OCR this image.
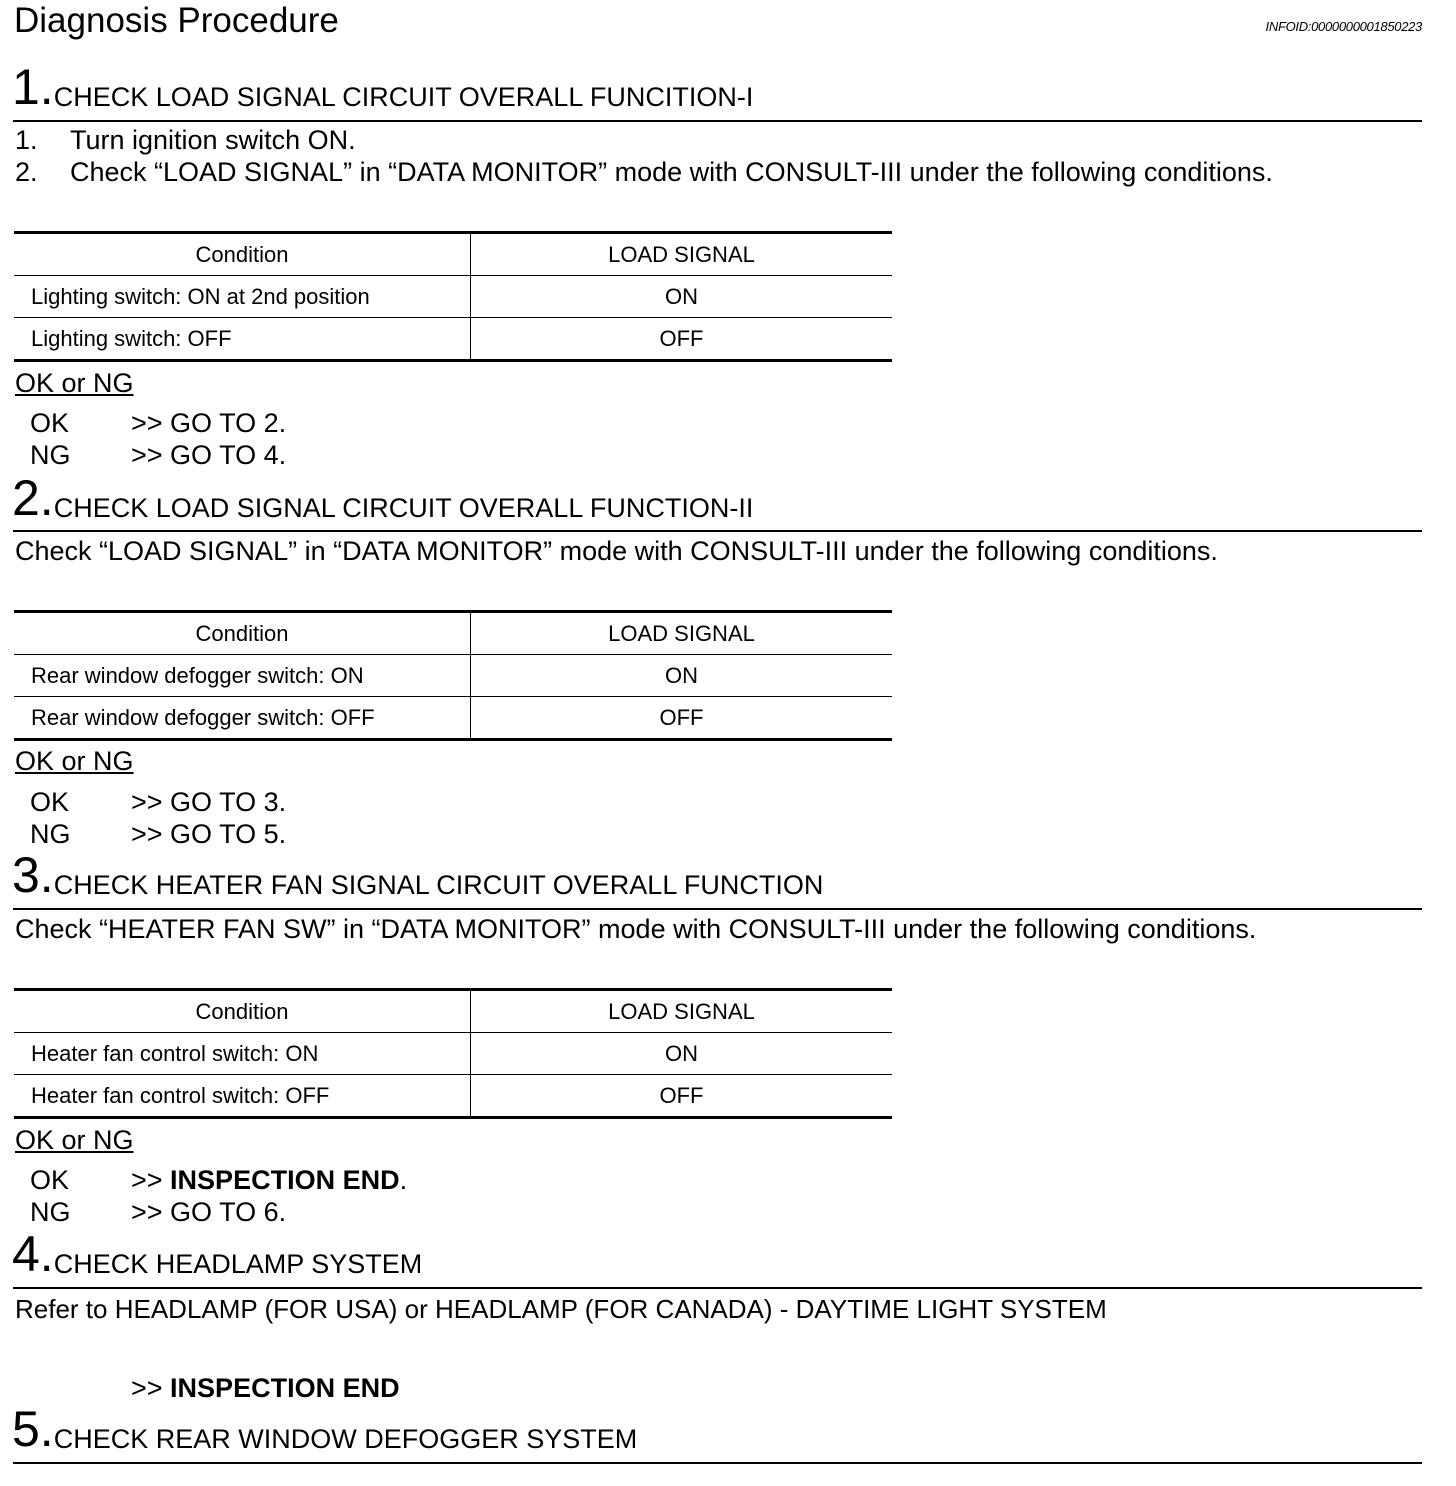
Diagnosis Procedure	INFOID:0000000001850223
1.CHECK LOAD SIGNAL CIRCUIT OVERALL FUNCITION-I
1. Turn ignition switch ON.
2. Check “LOAD SIGNAL” in “DATA MONITOR” mode with CONSULT-III under the following conditions.
Condition	LOAD SIGNAL
Lighting switch: ON at 2nd position	ON
Lighting switch: OFF	OFF
OK or NG
OK >> GO TO 2.
NG >> GO TO 4.
2.CHECK LOAD SIGNAL CIRCUIT OVERALL FUNCTION-II
Check “LOAD SIGNAL” in “DATA MONITOR” mode with CONSULT-III under the following conditions.
Condition	LOAD SIGNAL
Rear window defogger switch: ON	ON
Rear window defogger switch: OFF	OFF
OK or NG
OK >> GO TO 3.
NG >> GO TO 5.
3.CHECK HEATER FAN SIGNAL CIRCUIT OVERALL FUNCTION
Check “HEATER FAN SW” in “DATA MONITOR” mode with CONSULT-III under the following conditions.
Condition	LOAD SIGNAL
Heater fan control switch: ON	ON
Heater fan control switch: OFF	OFF
OK or NG
OK >> INSPECTION END.
NG >> GO TO 6.
4.CHECK HEADLAMP SYSTEM
Refer to HEADLAMP (FOR USA) or HEADLAMP (FOR CANADA) - DAYTIME LIGHT SYSTEM
>> INSPECTION END
5.CHECK REAR WINDOW DEFOGGER SYSTEM
